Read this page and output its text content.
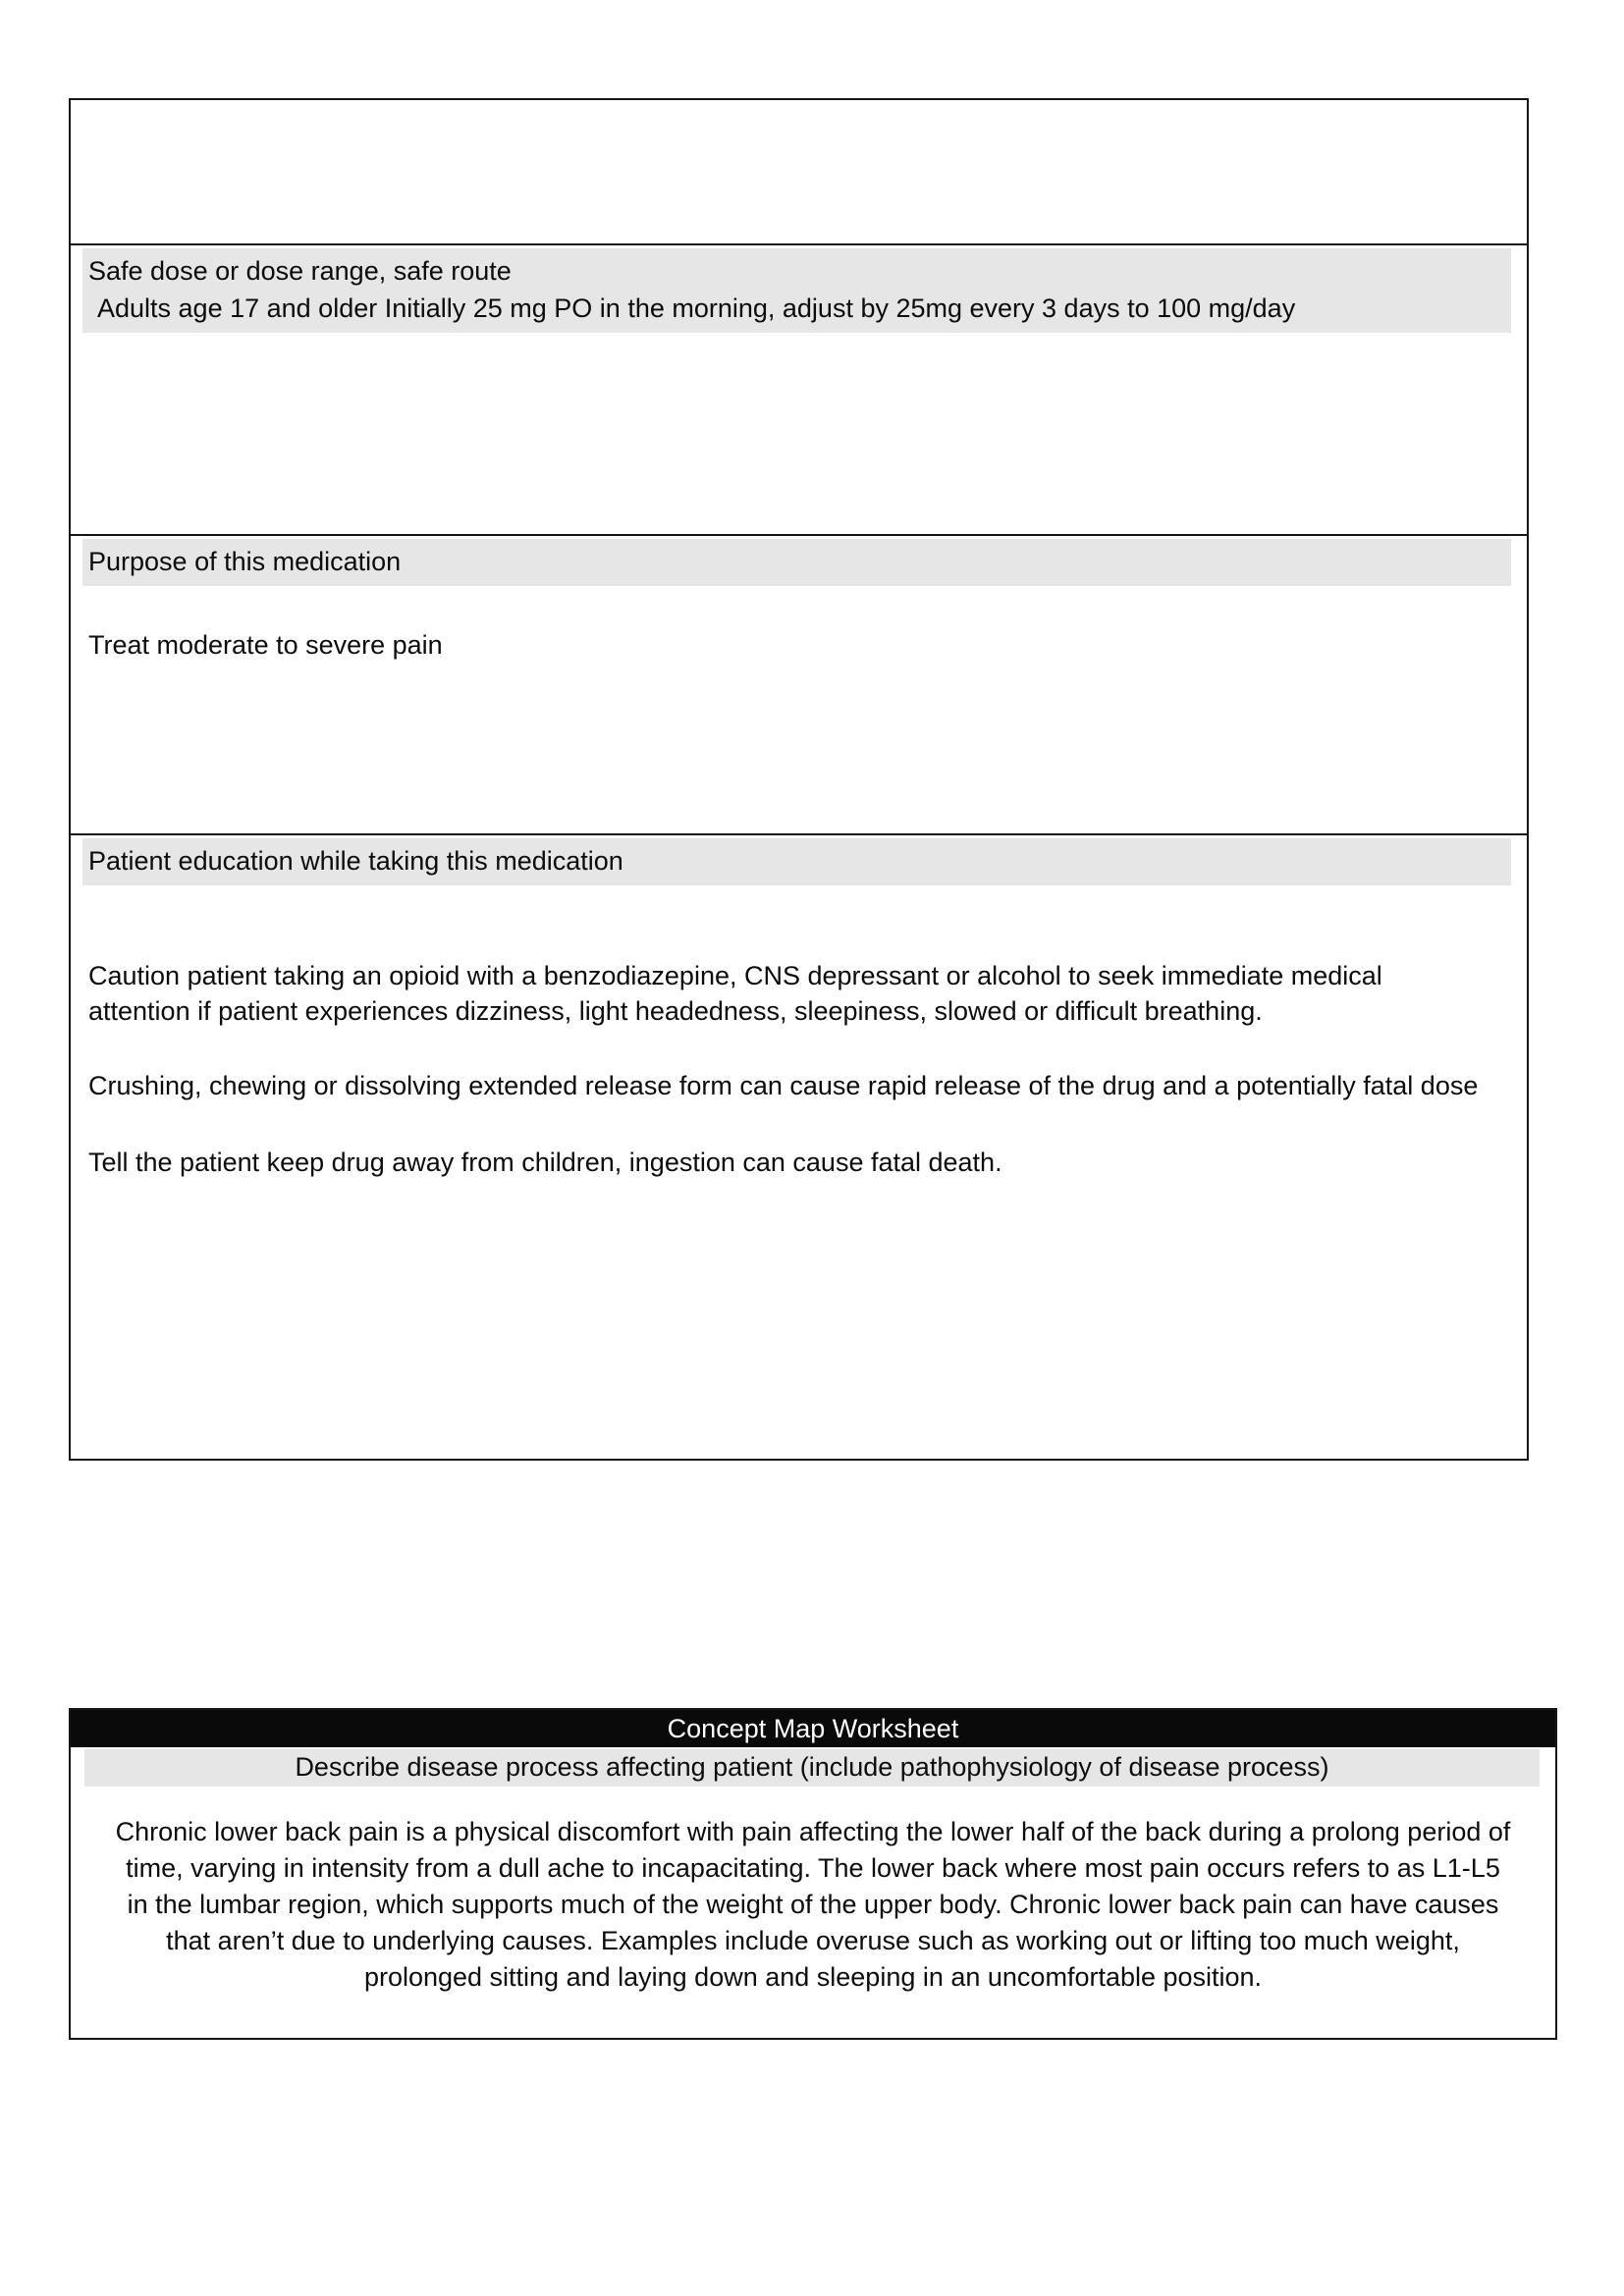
Safe dose or dose range, safe route
Adults age 17 and older Initially 25 mg PO in the morning, adjust by 25mg every 3 days to 100 mg/day
Purpose of this medication

Treat moderate to severe pain

Patient education while taking this medication

Caution patient taking an opioid with a benzodiazepine, CNS depressant or alcohol to seek immediate medical attention if patient experiences dizziness, light headedness, sleepiness, slowed or difficult breathing.

Crushing, chewing or dissolving extended release form can cause rapid release of the drug and a potentially fatal dose

Tell the patient keep drug away from children, ingestion can cause fatal death.

Concept Map Worksheet
Describe disease process affecting patient (include pathophysiology of disease process)

Chronic lower back pain is a physical discomfort with pain affecting the lower half of the back during a prolong period of time, varying in intensity from a dull ache to incapacitating. The lower back where most pain occurs refers to as L1-L5 in the lumbar region, which supports much of the weight of the upper body. Chronic lower back pain can have causes that aren’t due to underlying causes. Examples include overuse such as working out or lifting too much weight, prolonged sitting and laying down and sleeping in an uncomfortable position.
